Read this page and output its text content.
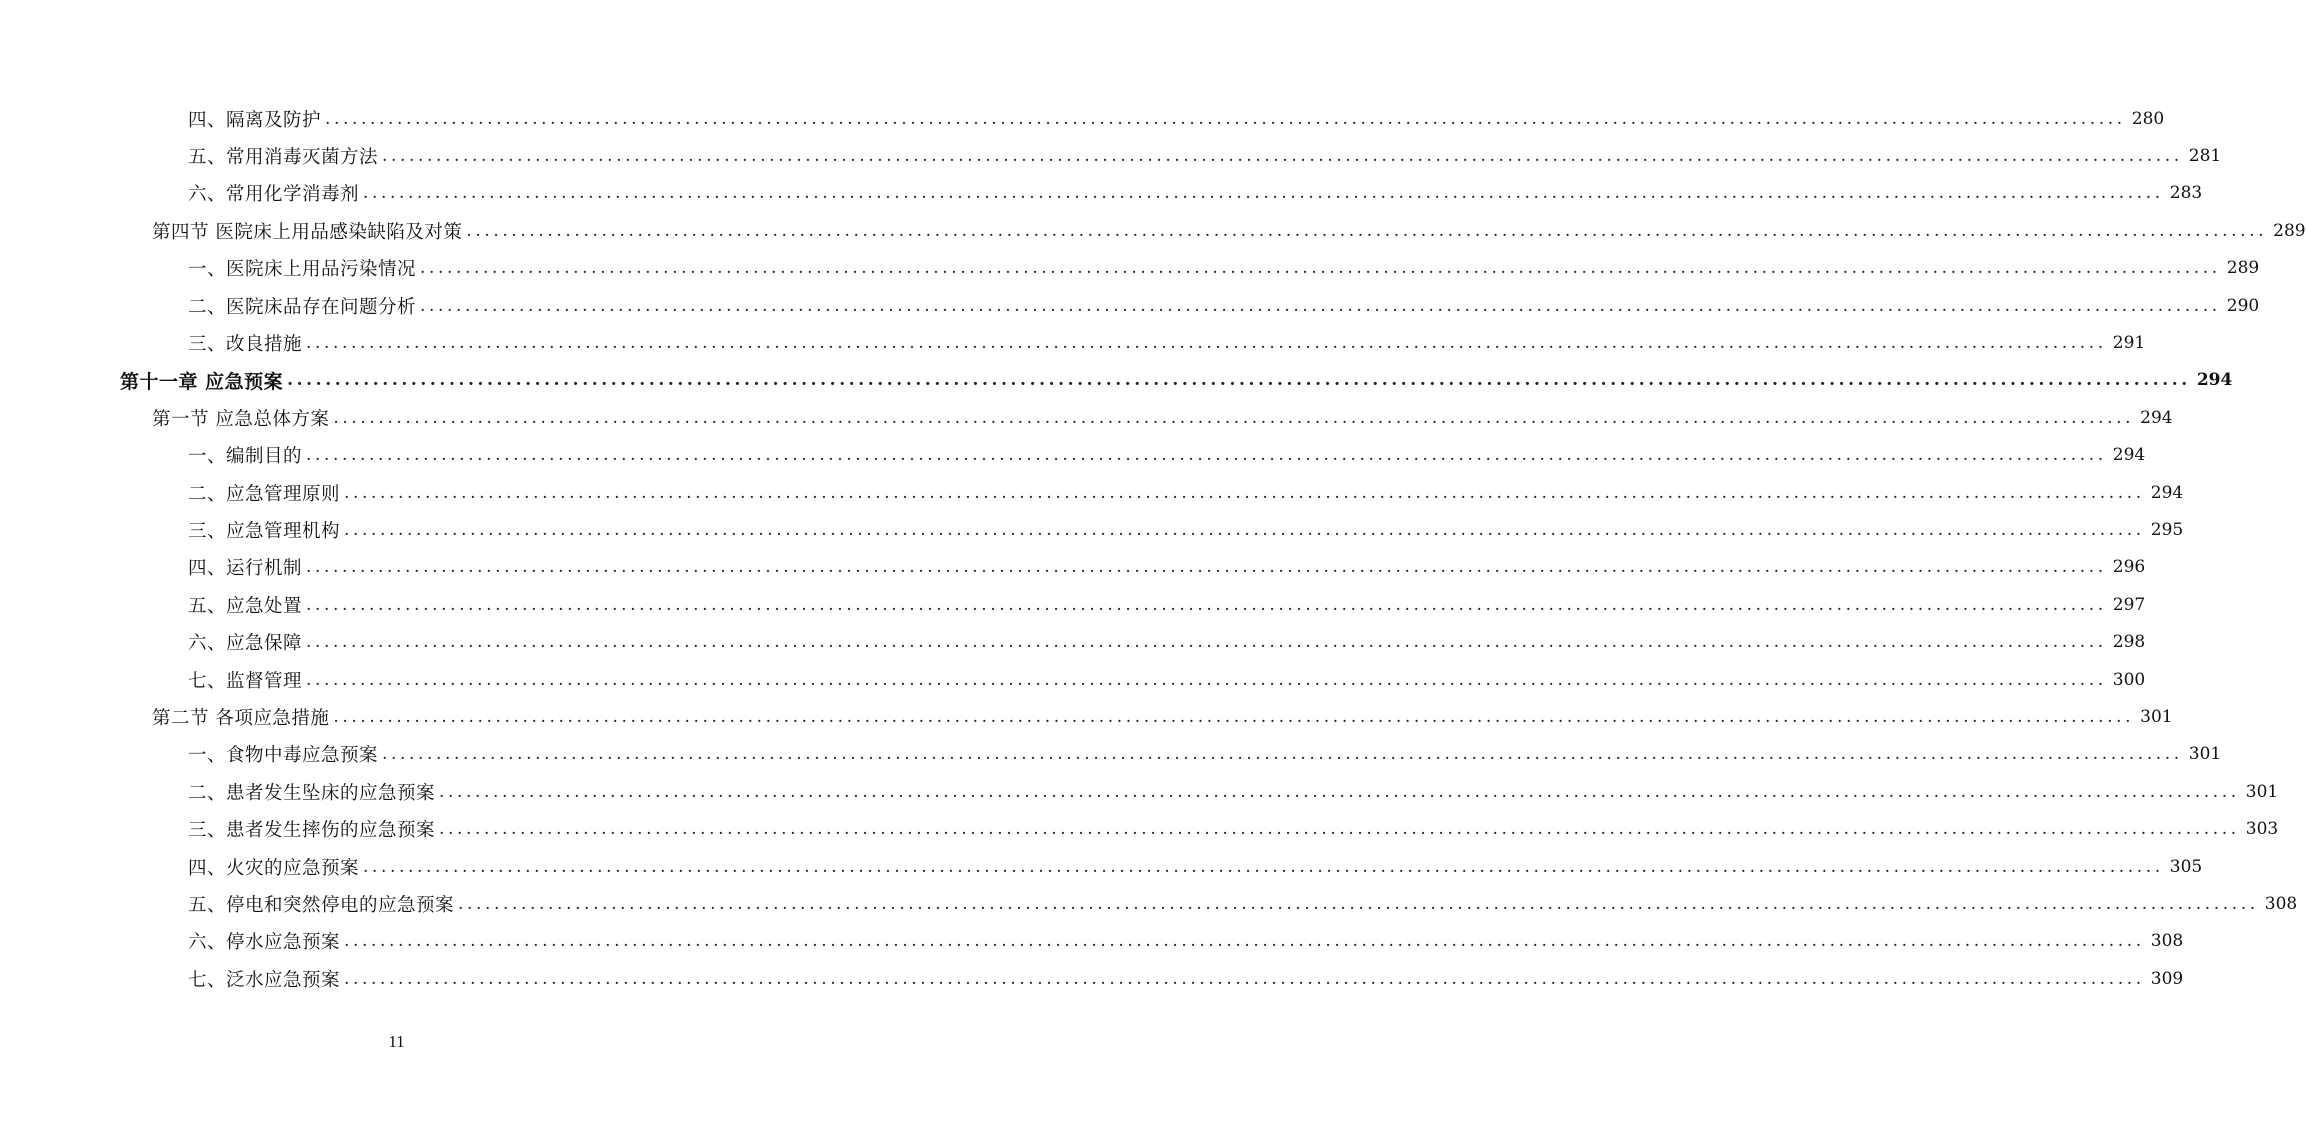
四、隔离及防护 ........................................................................................................................................................................................................ 280
五、常用消毒灭菌方法 ........................................................................................................................................................................................................ 281
六、常用化学消毒剂 ........................................................................................................................................................................................................ 283
第四节 医院床上用品感染缺陷及对策 ........................................................................................................................................................................................................ 289
一、医院床上用品污染情况 ........................................................................................................................................................................................................ 289
二、医院床品存在问题分析 ........................................................................................................................................................................................................ 290
三、改良措施 ........................................................................................................................................................................................................ 291
第十一章 应急预案 ........................................................................................................................................................................................................ 294
第一节 应急总体方案 ........................................................................................................................................................................................................ 294
一、编制目的 ........................................................................................................................................................................................................ 294
二、应急管理原则 ........................................................................................................................................................................................................ 294
三、应急管理机构 ........................................................................................................................................................................................................ 295
四、运行机制 ........................................................................................................................................................................................................ 296
五、应急处置 ........................................................................................................................................................................................................ 297
六、应急保障 ........................................................................................................................................................................................................ 298
七、监督管理 ........................................................................................................................................................................................................ 300
第二节 各项应急措施 ........................................................................................................................................................................................................ 301
一、食物中毒应急预案 ........................................................................................................................................................................................................ 301
二、患者发生坠床的应急预案 ........................................................................................................................................................................................................ 301
三、患者发生摔伤的应急预案 ........................................................................................................................................................................................................ 303
四、火灾的应急预案 ........................................................................................................................................................................................................ 305
五、停电和突然停电的应急预案 ........................................................................................................................................................................................................ 308
六、停水应急预案 ........................................................................................................................................................................................................ 308
七、泛水应急预案 ........................................................................................................................................................................................................ 309
11
